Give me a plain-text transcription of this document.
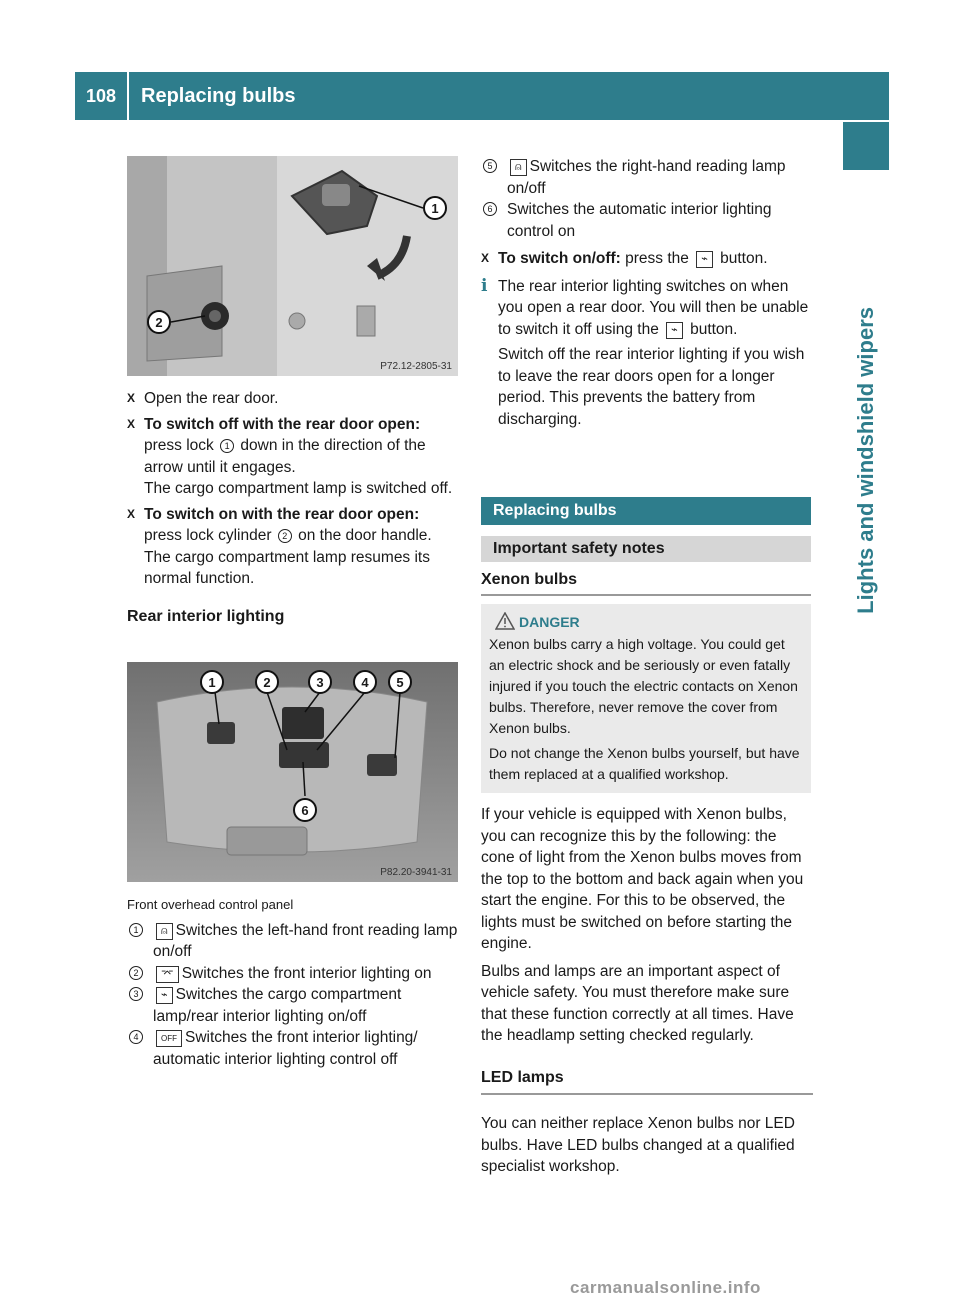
108	Replacing bulbs
Lights and windshield wipers
1
2
P72.12-2805-31

X Open the rear door.

X To switch off with the rear door open:
press lock 1 down in the direction of the arrow until it engages.
The cargo compartment lamp is switched off.

X To switch on with the rear door open:
press lock cylinder 2 on the door handle.
The cargo compartment lamp resumes its normal function.

Rear interior lighting

1	2	3	4	5
6
P82.20-3941-31

Front overhead control panel

1	⍝ Switches the left-hand front reading lamp on/off

2	⌤ Switches the front interior lighting on

3	⌁ Switches the cargo compartment lamp/rear interior lighting on/off

4	OFF Switches the front interior lighting/ automatic interior lighting control off

5	⍝ Switches the right-hand reading lamp on/off

6 Switches the automatic interior lighting control on

X To switch on/off: press the ⌁ button.

i The rear interior lighting switches on when you open a rear door. You will then be unable to switch it off using the ⌁ button.

Switch off the rear interior lighting if you wish to leave the rear doors open for a longer period. This prevents the battery from discharging.

Replacing bulbs
Important safety notes
Xenon bulbs
DANGER

Xenon bulbs carry a high voltage. You could get an electric shock and be seriously or even fatally injured if you touch the electric contacts on Xenon bulbs. Therefore, never remove the cover from Xenon bulbs.

Do not change the Xenon bulbs yourself, but have them replaced at a qualified workshop.

If your vehicle is equipped with Xenon bulbs, you can recognize this by the following: the cone of light from the Xenon bulbs moves from the top to the bottom and back again when you start the engine. For this to be observed, the lights must be switched on before starting the engine.

Bulbs and lamps are an important aspect of vehicle safety. You must therefore make sure that these function correctly at all times. Have the headlamp setting checked regularly.

LED lamps

You can neither replace Xenon bulbs nor LED bulbs. Have LED bulbs changed at a qualified specialist workshop.

carmanualsonline.info
